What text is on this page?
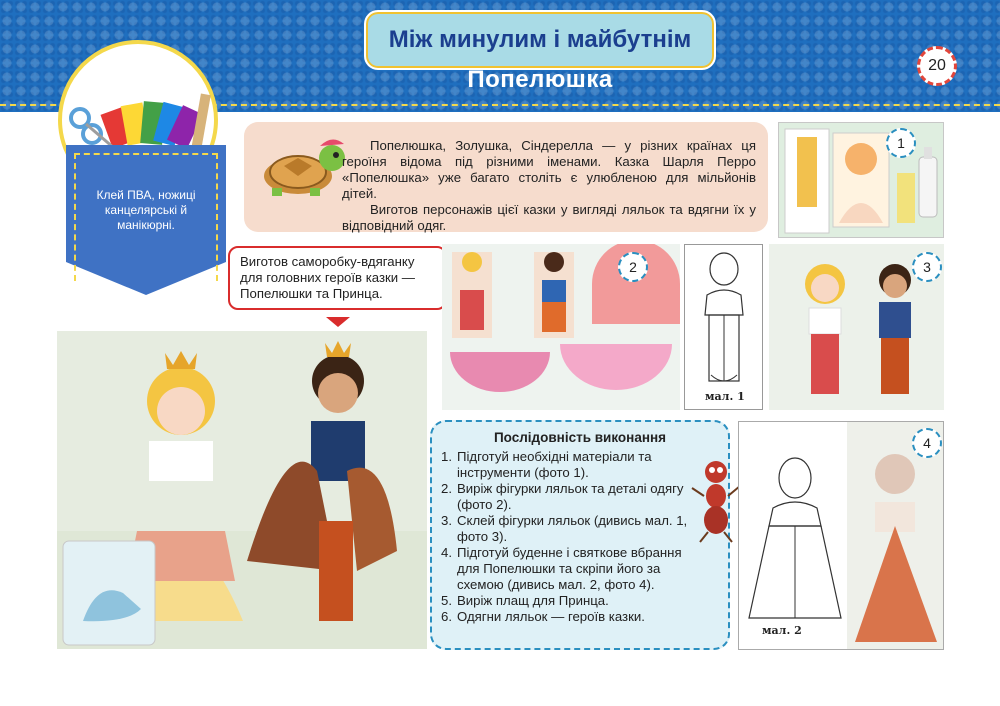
Між минулим і майбутнім
Попелюшка
20
Клей ПВА, ножиці канцелярські й манікюрні.

Попелюшка, Золушка, Сіндерелла — у різних країнах ця героїня відома під різними іменами. Казка Шарля Перро «Попелюшка» уже багато століть є улюбленою для мільйонів дітей.

Виготов персонажів цієї казки у вигляді ляльок та вдягни їх у відповідний одяг.

1
Виготов саморобку-вдяганку для головних героїв казки — Попелюшки та Принца.
2
мал. 1
3
Послідовність виконання
1. Підготуй необхідні матеріали та інструменти (фото 1).
2. Виріж фігурки ляльок та деталі одягу (фото 2).
3. Склей фігурки ляльок (дивись мал. 1, фото 3).
4. Підготуй буденне і святкове вбрання для Попелюшки та скріпи його за схемою (дивись мал. 2, фото 4).
5. Виріж плащ для Принца.
6. Одягни ляльок — героїв казки.
4
мал. 2
